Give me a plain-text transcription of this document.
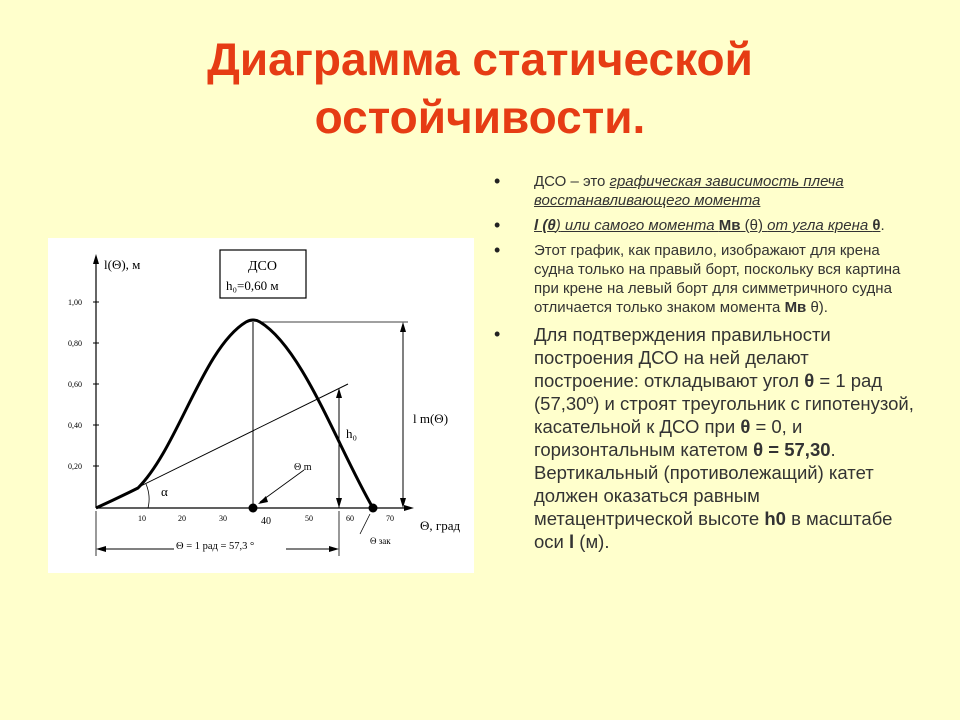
Диаграмма статической
остойчивости.
l(Θ), м
Θ, град
1,00
0,80
0,60
0,40
0,20
10	20	30	40	50	60	70
ДСО
h₀=0,60 м
α
h₀
Θ m
l m(Θ)
Θ зак
Θ = 1 рад = 57,3 °
• ДСО – это графическая зависимость плеча восстанавливающего момента
• l (θ) или самого момента Мв (θ) от угла крена θ.
• Этот график, как правило, изображают для крена судна только на правый борт, поскольку вся картина при крене на левый борт для симметричного судна отличается только знаком момента Мв θ).
• Для подтверждения правильности построения ДСО на ней делают построение: откладывают угол θ = 1 рад (57,30º) и строят треугольник с гипотенузой, касательной к ДСО при θ = 0, и горизонтальным катетом θ = 57,30. Вертикальный (противолежащий) катет должен оказаться равным метацентрической высоте h0 в масштабе оси l (м).
